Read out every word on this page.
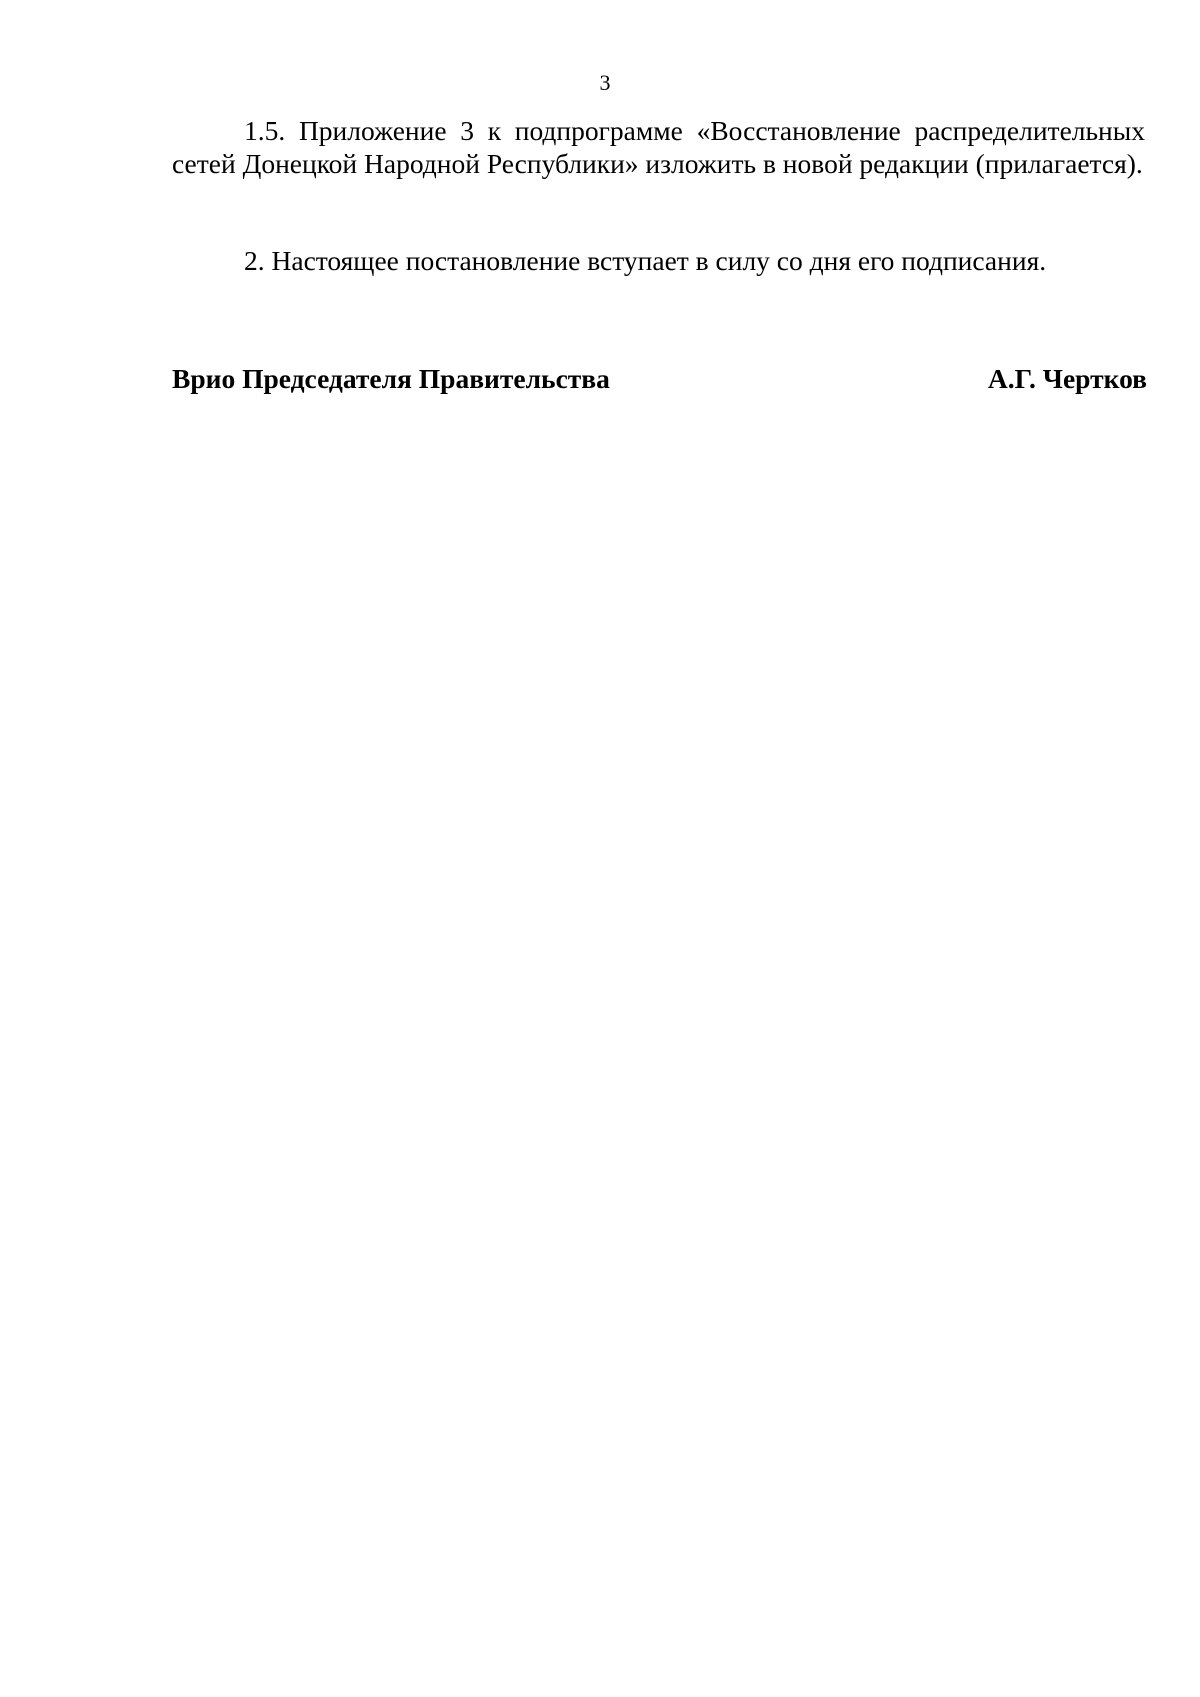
3

1.5. Приложение 3 к подпрограмме «Восстановление распределительных сетей Донецкой Народной Республики» изложить в новой редакции (прилагается).

2. Настоящее постановление вступает в силу со дня его подписания.

Врио Председателя Правительства	А.Г. Чертков
